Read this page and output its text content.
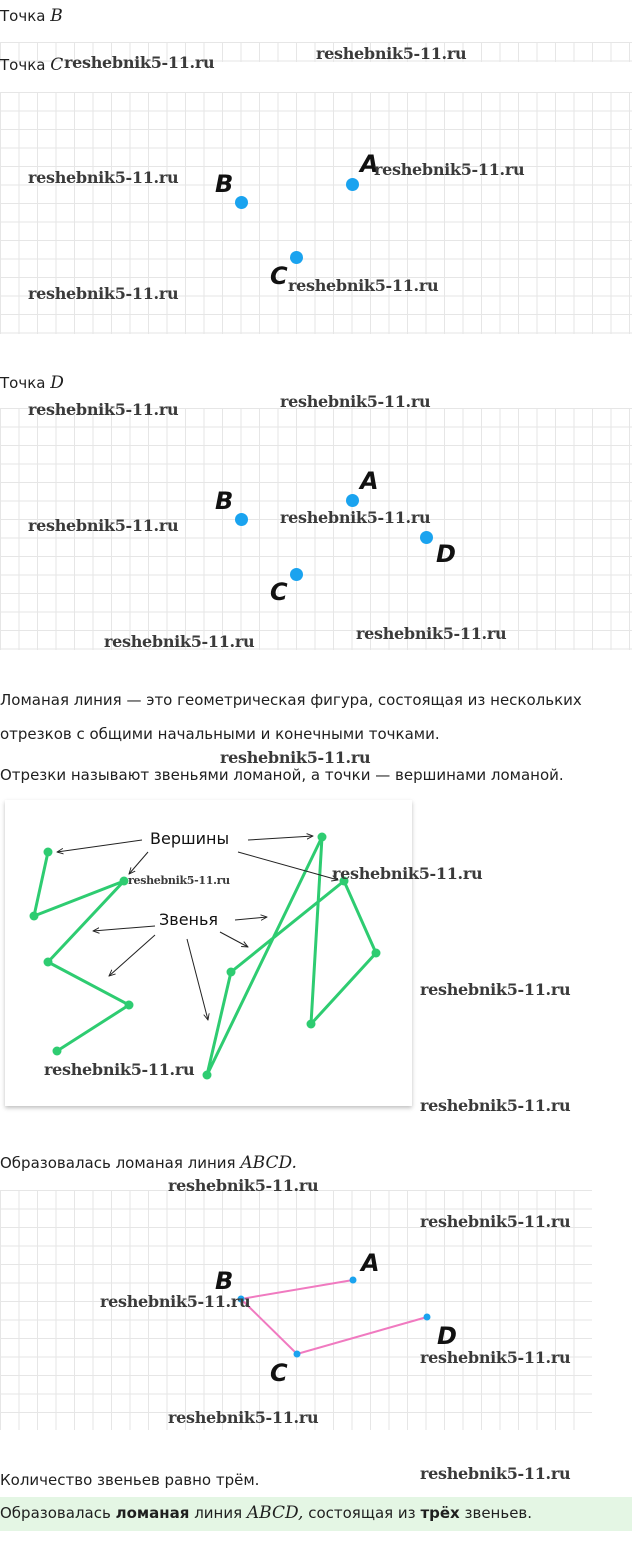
Точка B
Точка C
A
B
C
Точка D
A
B
D
C
Ломаная линия — это геометрическая фигура, состоящая из нескольких
отрезков с общими начальными и конечными точками.
Отрезки называют звеньями ломаной, а точки — вершинами ломаной.
Вершины
Звенья
Образовалась ломаная линия ABCD.
A
B
C
D
Количество звеньев равно трём.
Образовалась ломаная линия ABCD, состоящая из трёх звеньев.
reshebnik5-11.ru
reshebnik5-11.ru
reshebnik5-11.ru	reshebnik5-11.ru
reshebnik5-11.ru
reshebnik5-11.ru
reshebnik5-11.ru
reshebnik5-11.ru
reshebnik5-11.ru	reshebnik5-11.ru
reshebnik5-11.ru
reshebnik5-11.ru
reshebnik5-11.ru
reshebnik5-11.ru	reshebnik5-11.ru
reshebnik5-11.ru
reshebnik5-11.ru
reshebnik5-11.ru
reshebnik5-11.ru
reshebnik5-11.ru
reshebnik5-11.ru
reshebnik5-11.ru
reshebnik5-11.ru
reshebnik5-11.ru
